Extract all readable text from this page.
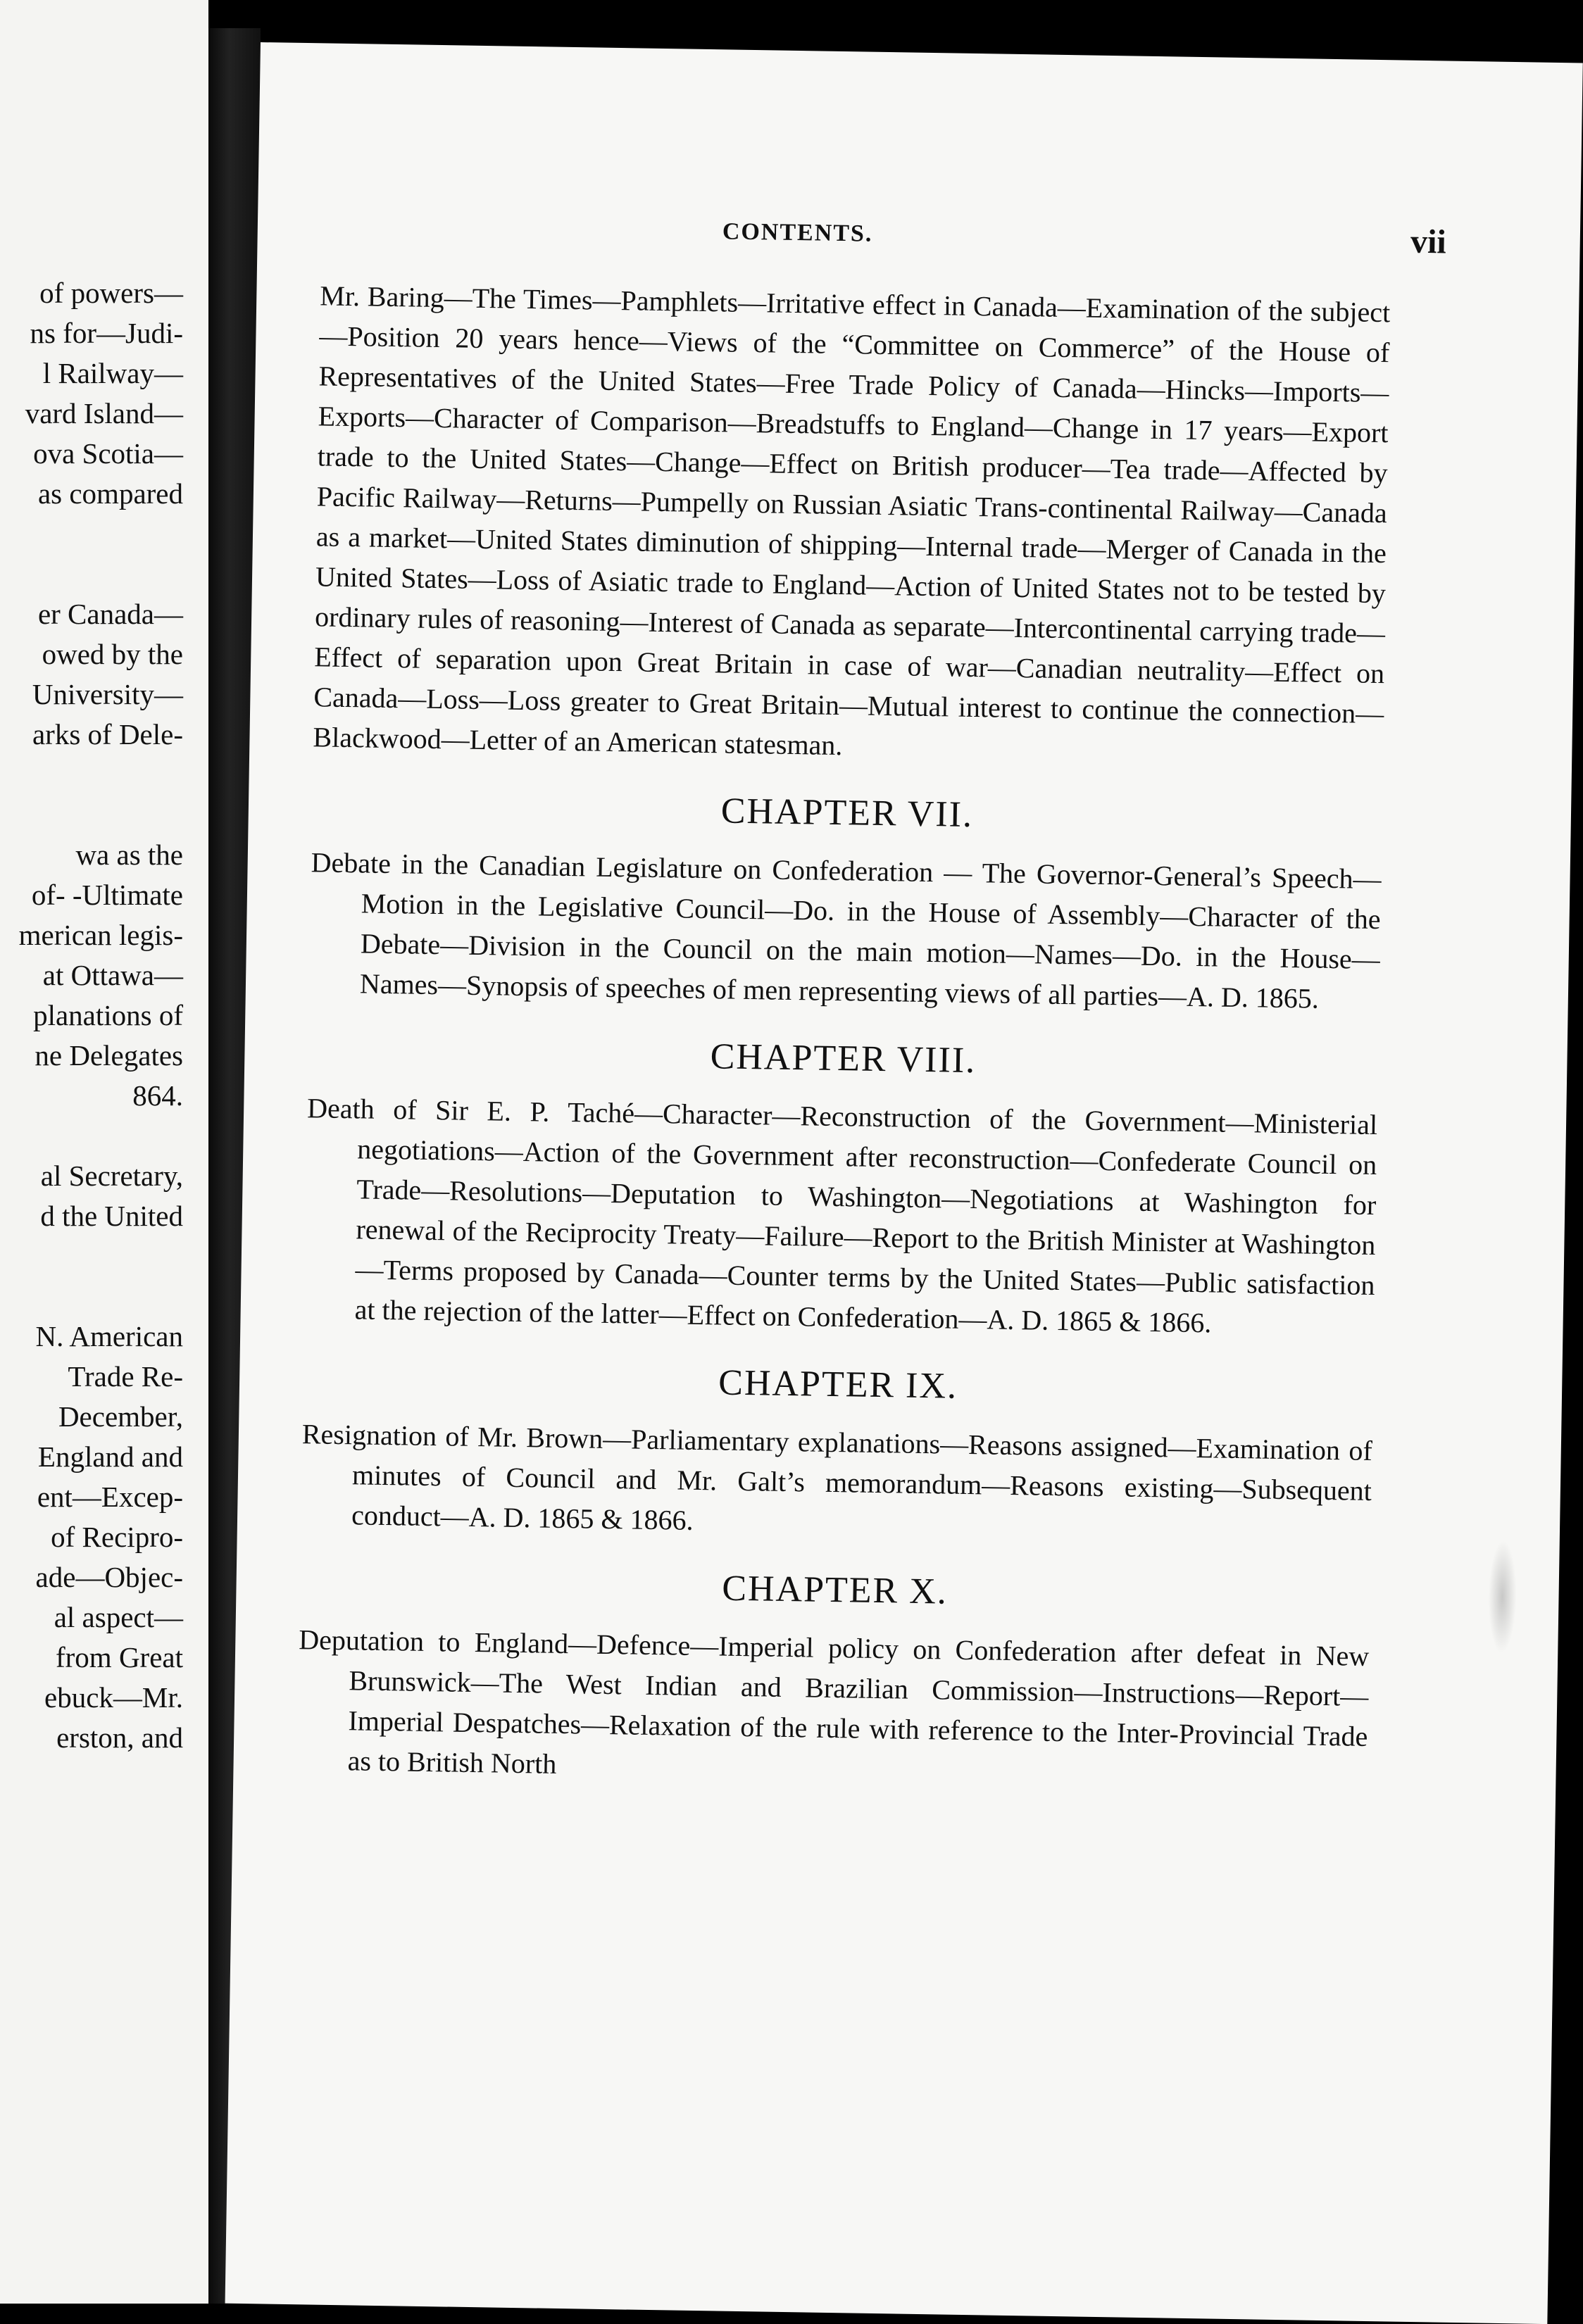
of powers—
ns for—Judi-
l Railway—
vard Island—
ova Scotia—
as compared
er Canada—
owed by the
University—
arks of Dele-
wa as the
of- -Ultimate
merican legis-
at Ottawa—
planations of
ne Delegates
864.
al Secretary,
d the United
N. American
Trade Re-
December,
England and
ent—Excep-
of Recipro-
ade—Objec-
al aspect—
from Great
ebuck—Mr.
erston, and
CONTENTS.	vii

Mr. Baring—The Times—Pamphlets—Irritative effect in Canada—Examination of the subject—Position 20 years hence—Views of the “Committee on Commerce” of the House of Representatives of the United States—Free Trade Policy of Canada—Hincks—Imports—Exports—Character of Comparison—Breadstuffs to England—Change in 17 years—Export trade to the United States—Change—Effect on British producer—Tea trade—Affected by Pacific Railway—Returns—Pumpelly on Russian Asiatic Trans-continental Railway—Canada as a market—United States diminution of shipping—Internal trade—Merger of Canada in the United States—Loss of Asiatic trade to England—Action of United States not to be tested by ordinary rules of reasoning—Interest of Canada as separate—Intercontinental carrying trade—Effect of separation upon Great Britain in case of war—Canadian neutrality—Effect on Canada—Loss—Loss greater to Great Britain—Mutual interest to continue the connection—Blackwood—Letter of an American statesman.

CHAPTER VII.

Debate in the Canadian Legislature on Confederation — The Governor-General’s Speech—Motion in the Legislative Council—Do. in the House of Assembly—Character of the Debate—Division in the Council on the main motion—Names—Do. in the House—Names—Synopsis of speeches of men representing views of all parties—A. D. 1865.

CHAPTER VIII.

Death of Sir E. P. Taché—Character—Reconstruction of the Government—Ministerial negotiations—Action of the Government after reconstruction—Confederate Council on Trade—Resolutions—Deputation to Washington—Negotiations at Washington for renewal of the Reciprocity Treaty—Failure—Report to the British Minister at Washington—Terms proposed by Canada—Counter terms by the United States—Public satisfaction at the rejection of the latter—Effect on Confederation—A. D. 1865 & 1866.

CHAPTER IX.

Resignation of Mr. Brown—Parliamentary explanations—Reasons assigned—Examination of minutes of Council and Mr. Galt’s memorandum—Reasons existing—Subsequent conduct—A. D. 1865 & 1866.

CHAPTER X.

Deputation to England—Defence—Imperial policy on Confederation after defeat in New Brunswick—The West Indian and Brazilian Commission—Instructions—Report—Imperial Despatches—Relaxation of the rule with reference to the Inter-Provincial Trade as to British North
